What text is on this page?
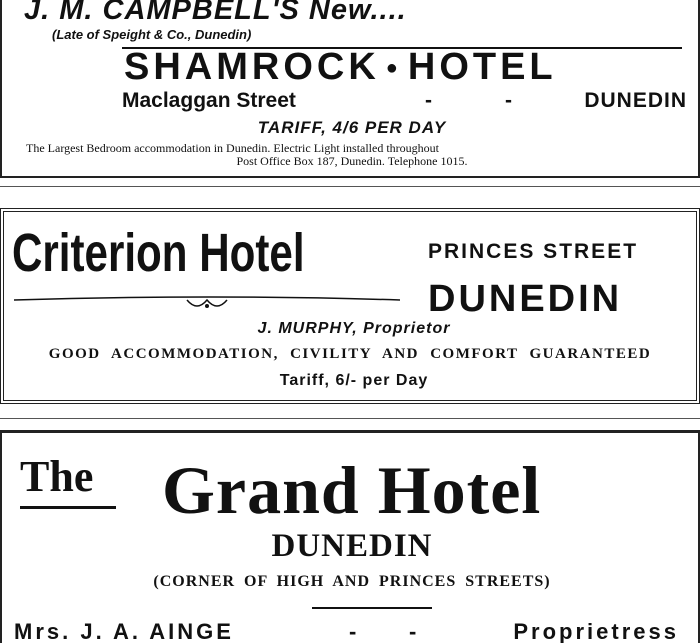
J. M. CAMPBELL'S New....
(Late of Speight & Co., Dunedin)
SHAMROCK ● HOTEL
Maclaggan Street	-	-	DUNEDIN
TARIFF, 4/6 PER DAY
The Largest Bedroom accommodation in Dunedin. Electric Light installed throughout
Post Office Box 187, Dunedin. Telephone 1015.
Criterion Hotel	PRINCES STREET
DUNEDIN
J. MURPHY, Proprietor
GOOD ACCOMMODATION, CIVILITY AND COMFORT GUARANTEED
Tariff, 6/- per Day
The Grand Hotel
DUNEDIN
(CORNER OF HIGH AND PRINCES STREETS)
Mrs. J. A. AINGE	- -	Proprietress
